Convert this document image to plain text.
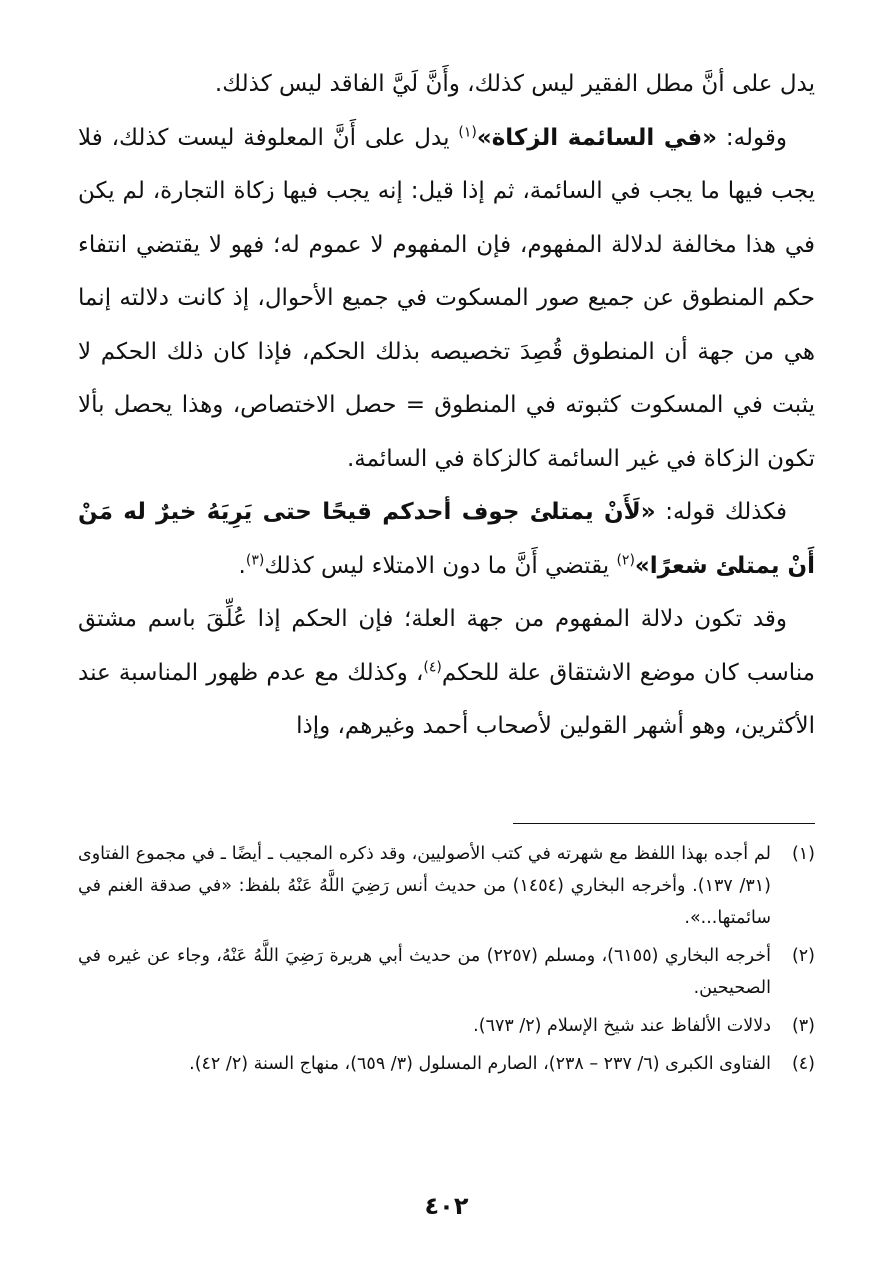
يدل على أنَّ مطل الفقير ليس كذلك، وأَنَّ لَيَّ الفاقد ليس كذلك.

وقوله: «في السائمة الزكاة»$^{(١)}$ يدل على أَنَّ المعلوفة ليست كذلك، فلا يجب فيها ما يجب في السائمة، ثم إذا قيل: إنه يجب فيها زكاة التجارة، لم يكن في هذا مخالفة لدلالة المفهوم، فإن المفهوم لا عموم له؛ فهو لا يقتضي انتفاء حكم المنطوق عن جميع صور المسكوت في جميع الأحوال، إذ كانت دلالته إنما هي من جهة أن المنطوق قُصِدَ تخصيصه بذلك الحكم، فإذا كان ذلك الحكم لا يثبت في المسكوت كثبوته في المنطوق = حصل الاختصاص، وهذا يحصل بألا تكون الزكاة في غير السائمة كالزكاة في السائمة.

فكذلك قوله: «لَأَنْ يمتلئ جوف أحدكم قيحًا حتى يَرِيَهُ خيرٌ له مَنْ أَنْ يمتلئ شعرًا»$^{(٢)}$ يقتضي أَنَّ ما دون الامتلاء ليس كذلك$^{(٣)}$.

وقد تكون دلالة المفهوم من جهة العلة؛ فإن الحكم إذا عُلِّقَ باسم مشتق مناسب كان موضع الاشتقاق علة للحكم$^{(٤)}$، وكذلك مع عدم ظهور المناسبة عند الأكثرين، وهو أشهر القولين لأصحاب أحمد وغيرهم، وإذا

(١)
لم أجده بهذا اللفظ مع شهرته في كتب الأصوليين، وقد ذكره المجيب ـ أيضًا ـ في مجموع الفتاوى (٣١/ ١٣٧). وأخرجه البخاري (١٤٥٤) من حديث أنس رَضِيَ اللَّهُ عَنْهُ بلفظ: «في صدقة الغنم في سائمتها...».
(٢)
أخرجه البخاري (٦١٥٥)، ومسلم (٢٢٥٧) من حديث أبي هريرة رَضِيَ اللَّهُ عَنْهُ، وجاء عن غيره في الصحيحين.
(٣)
دلالات الألفاظ عند شيخ الإسلام (٢/ ٦٧٣).
(٤)
الفتاوى الكبرى (٦/ ٢٣٧ – ٢٣٨)، الصارم المسلول (٣/ ٦٥٩)، منهاج السنة (٢/ ٤٢).
٤٠٢
